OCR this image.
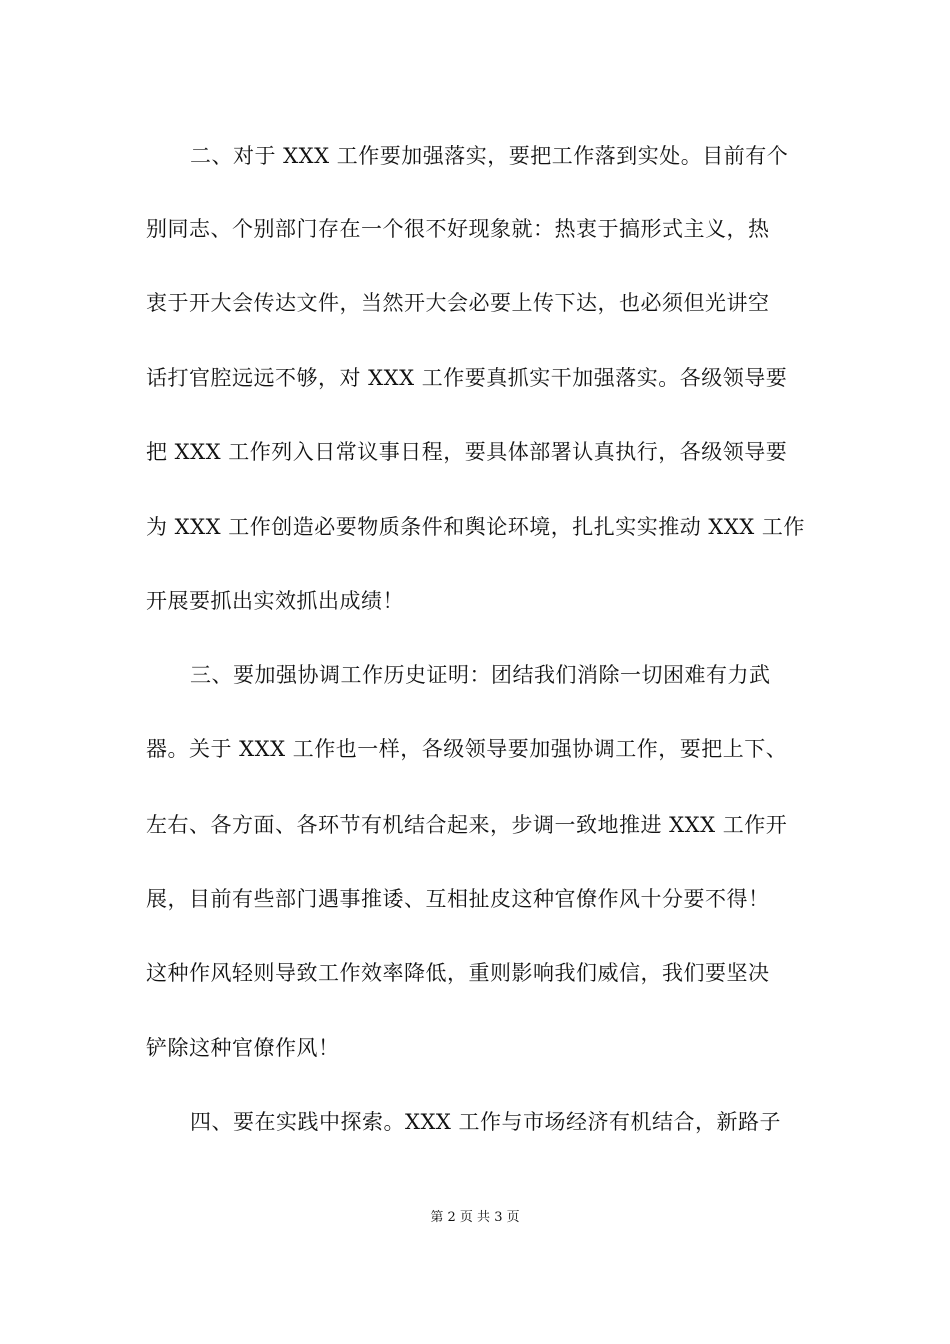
二、对于 XXX 工作要加强落实，要把工作落到实处。目前有个
别同志、个别部门存在一个很不好现象就：热衷于搞形式主义，热
衷于开大会传达文件，当然开大会必要上传下达，也必须但光讲空
话打官腔远远不够，对 XXX 工作要真抓实干加强落实。各级领导要
把 XXX 工作列入日常议事日程，要具体部署认真执行，各级领导要
为 XXX 工作创造必要物质条件和舆论环境，扎扎实实推动 XXX 工作
开展要抓出实效抓出成绩！
三、要加强协调工作历史证明：团结我们消除一切困难有力武
器。关于 XXX 工作也一样，各级领导要加强协调工作，要把上下、
左右、各方面、各环节有机结合起来，步调一致地推进 XXX 工作开
展，目前有些部门遇事推诿、互相扯皮这种官僚作风十分要不得！
这种作风轻则导致工作效率降低，重则影响我们威信，我们要坚决
铲除这种官僚作风！
四、要在实践中探索。XXX 工作与市场经济有机结合，新路子
第 2 页 共 3 页
